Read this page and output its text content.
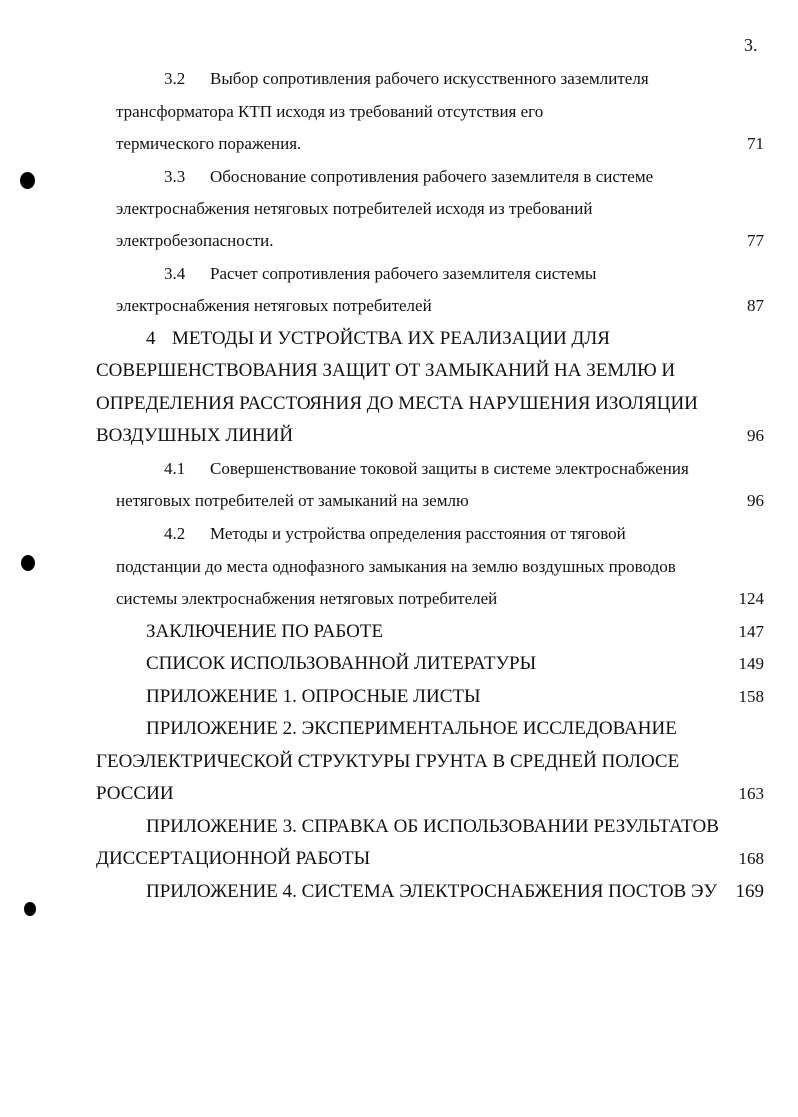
3.
3.2 Выбор сопротивления рабочего искусственного заземлителя
трансформатора КТП исходя из требований отсутствия его
термического поражения.	71
3.3 Обоснование сопротивления рабочего заземлителя в системе
электроснабжения нетяговых потребителей исходя из требований
электробезопасности.	77
3.4 Расчет сопротивления рабочего заземлителя системы
электроснабжения нетяговых потребителей	87
4 МЕТОДЫ И УСТРОЙСТВА ИХ РЕАЛИЗАЦИИ ДЛЯ
СОВЕРШЕНСТВОВАНИЯ ЗАЩИТ ОТ ЗАМЫКАНИЙ НА ЗЕМЛЮ И
ОПРЕДЕЛЕНИЯ РАССТОЯНИЯ ДО МЕСТА НАРУШЕНИЯ ИЗОЛЯЦИИ
ВОЗДУШНЫХ ЛИНИЙ	96
4.1 Совершенствование токовой защиты в системе электроснабжения
нетяговых потребителей от замыканий на землю	96
4.2 Методы и устройства определения расстояния от тяговой
подстанции до места однофазного замыкания на землю воздушных проводов
системы электроснабжения нетяговых потребителей	124
ЗАКЛЮЧЕНИЕ ПО РАБОТЕ	147
СПИСОК ИСПОЛЬЗОВАННОЙ ЛИТЕРАТУРЫ	149
ПРИЛОЖЕНИЕ 1. ОПРОСНЫЕ ЛИСТЫ	158
ПРИЛОЖЕНИЕ 2. ЭКСПЕРИМЕНТАЛЬНОЕ ИССЛЕДОВАНИЕ
ГЕОЭЛЕКТРИЧЕСКОЙ СТРУКТУРЫ ГРУНТА В СРЕДНЕЙ ПОЛОСЕ
РОССИИ	163
ПРИЛОЖЕНИЕ 3. СПРАВКА ОБ ИСПОЛЬЗОВАНИИ РЕЗУЛЬТАТОВ
ДИССЕРТАЦИОННОЙ РАБОТЫ	168
ПРИЛОЖЕНИЕ 4. СИСТЕМА ЭЛЕКТРОСНАБЖЕНИЯ ПОСТОВ ЭУ 169
